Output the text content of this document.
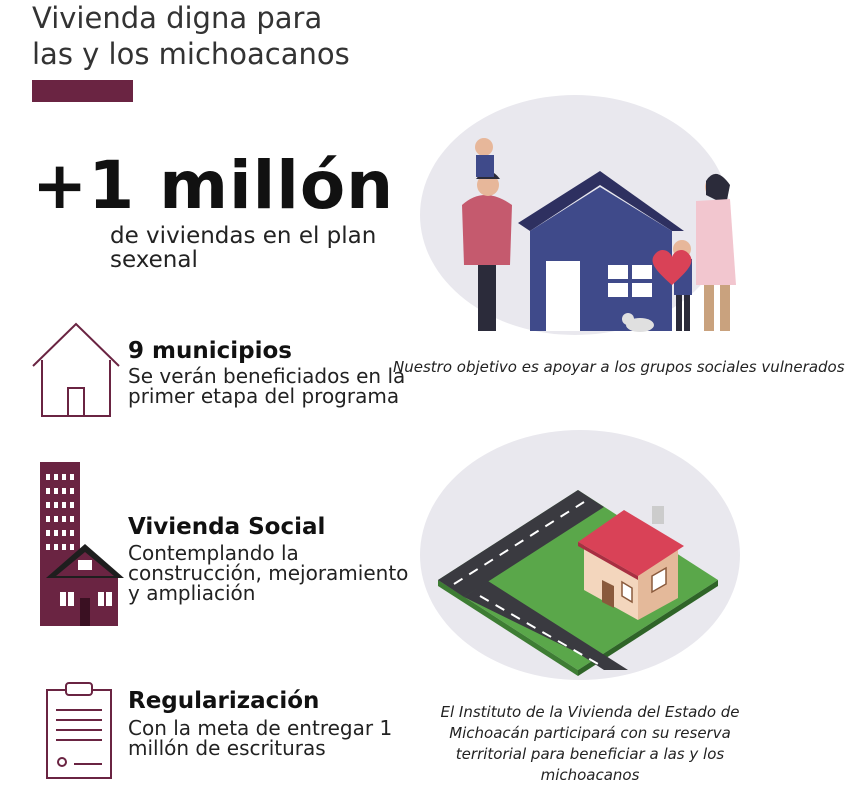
Vivienda digna para
las y los michoacanos
+1 millón
de viviendas en el plan sexenal
9 municipios
Se verán beneficiados en la primer etapa del programa
Vivienda Social
Contemplando la construcción, mejoramiento y ampliación
Regularización
Con la meta de entregar 1 millón de escrituras
Nuestro objetivo es apoyar a los grupos sociales vulnerados
El Instituto de la Vivienda del Estado de Michoacán participará con su reserva territorial para beneficiar a las y los michoacanos
